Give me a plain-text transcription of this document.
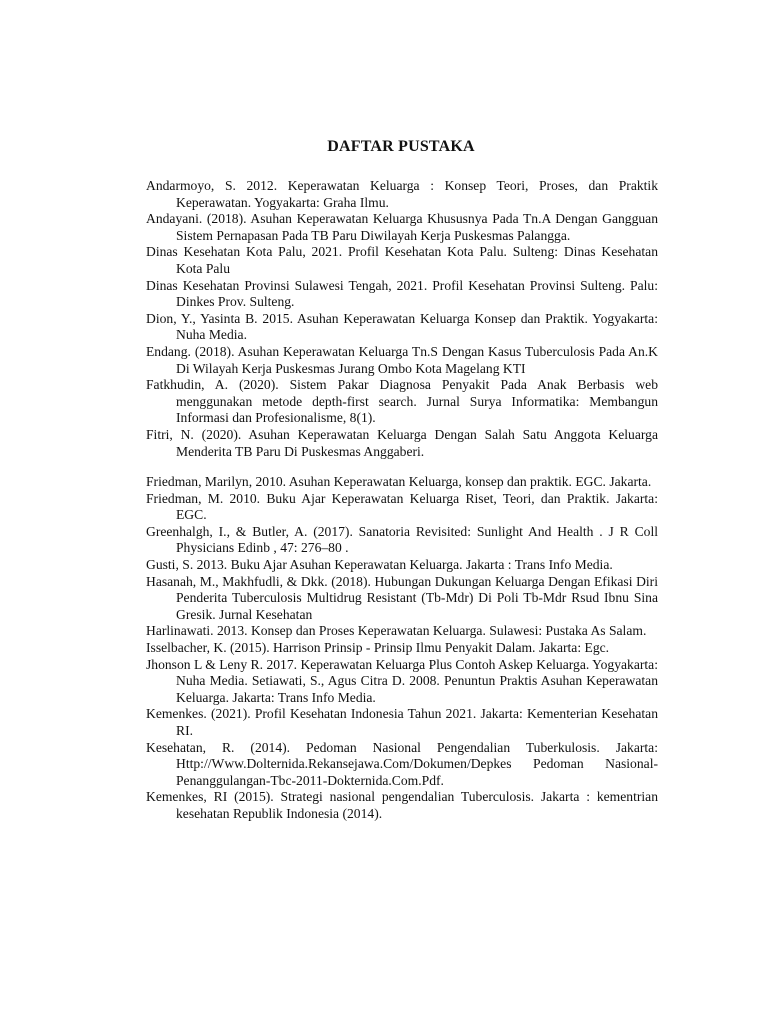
DAFTAR PUSTAKA

Andarmoyo, S. 2012. Keperawatan Keluarga : Konsep Teori, Proses, dan Praktik Keperawatan. Yogyakarta: Graha Ilmu.

Andayani. (2018). Asuhan Keperawatan Keluarga Khususnya Pada Tn.A Dengan Gangguan Sistem Pernapasan Pada TB Paru Diwilayah Kerja Puskesmas Palangga.

Dinas Kesehatan Kota Palu, 2021. Profil Kesehatan Kota Palu. Sulteng: Dinas Kesehatan Kota Palu

Dinas Kesehatan Provinsi Sulawesi Tengah, 2021. Profil Kesehatan Provinsi Sulteng. Palu: Dinkes Prov. Sulteng.

Dion, Y., Yasinta B. 2015. Asuhan Keperawatan Keluarga Konsep dan Praktik. Yogyakarta: Nuha Media.

Endang. (2018). Asuhan Keperawatan Keluarga Tn.S Dengan Kasus Tuberculosis Pada An.K Di Wilayah Kerja Puskesmas Jurang Ombo Kota Magelang KTI

Fatkhudin, A. (2020). Sistem Pakar Diagnosa Penyakit Pada Anak Berbasis web menggunakan metode depth-first search. Jurnal Surya Informatika: Membangun Informasi dan Profesionalisme, 8(1).

Fitri, N. (2020). Asuhan Keperawatan Keluarga Dengan Salah Satu Anggota Keluarga Menderita TB Paru Di Puskesmas Anggaberi.

Friedman, Marilyn, 2010. Asuhan Keperawatan Keluarga, konsep dan praktik. EGC. Jakarta.

Friedman, M. 2010. Buku Ajar Keperawatan Keluarga Riset, Teori, dan Praktik. Jakarta: EGC.

Greenhalgh, I., & Butler, A. (2017). Sanatoria Revisited: Sunlight And Health . J R Coll Physicians Edinb , 47: 276–80 .

Gusti, S. 2013. Buku Ajar Asuhan Keperawatan Keluarga. Jakarta : Trans Info Media.

Hasanah, M., Makhfudli, & Dkk. (2018). Hubungan Dukungan Keluarga Dengan Efikasi Diri Penderita Tuberculosis Multidrug Resistant (Tb-Mdr) Di Poli Tb-Mdr Rsud Ibnu Sina Gresik. Jurnal Kesehatan

Harlinawati. 2013. Konsep dan Proses Keperawatan Keluarga. Sulawesi: Pustaka As Salam.

Isselbacher, K. (2015). Harrison Prinsip - Prinsip Ilmu Penyakit Dalam. Jakarta: Egc.

Jhonson L & Leny R. 2017. Keperawatan Keluarga Plus Contoh Askep Keluarga. Yogyakarta: Nuha Media. Setiawati, S., Agus Citra D. 2008. Penuntun Praktis Asuhan Keperawatan Keluarga. Jakarta: Trans Info Media.

Kemenkes. (2021). Profil Kesehatan Indonesia Tahun 2021. Jakarta: Kementerian Kesehatan RI.

Kesehatan, R. (2014). Pedoman Nasional Pengendalian Tuberkulosis. Jakarta: Http://Www.Dolternida.Rekansejawa.Com/Dokumen/Depkes Pedoman Nasional-Penanggulangan-Tbc-2011-Dokternida.Com.Pdf.

Kemenkes, RI (2015). Strategi nasional pengendalian Tuberculosis. Jakarta : kementrian kesehatan Republik Indonesia (2014).
